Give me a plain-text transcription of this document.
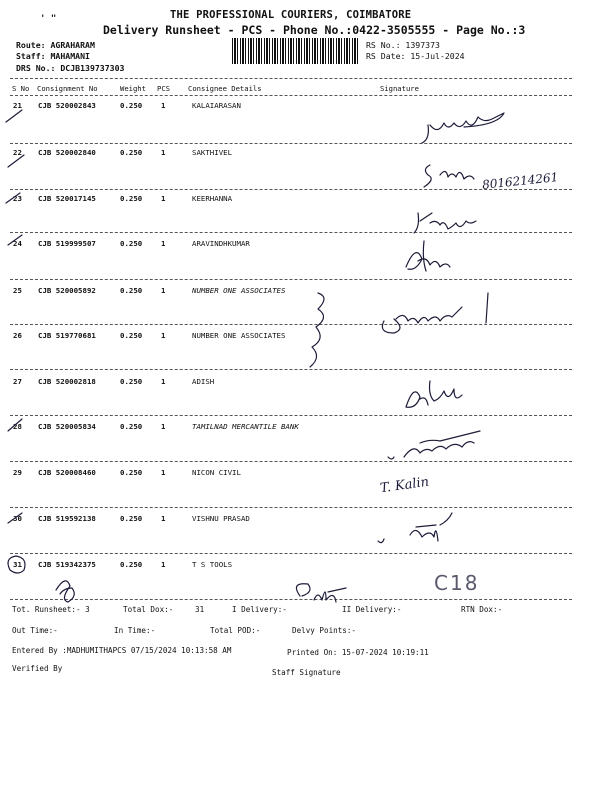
' "	THE PROFESSIONAL COURIERS, COIMBATORE
Delivery Runsheet - PCS - Phone No.:0422-3505555 - Page No.:3
Route: AGRAHARAM
Staff: MAHAMANI
DRS No.: DCJB139737303
RS No.: 1397373
RS Date: 15-Jul-2024
S No Consignment No	Weight PCS	Consignee Details	Signature
21 CJB 520002843	0.250	1	KALAIARASAN
22 CJB 520002840	0.250	1	SAKTHIVEL
23 CJB 520017145	0.250	1	KEERHANNA
24 CJB 519999507	0.250	1	ARAVINDHKUMAR
25 CJB 520005892	0.250	1	NUMBER ONE ASSOCIATES
26 CJB 519770681	0.250	1	NUMBER ONE ASSOCIATES
27 CJB 520002818	0.250	1	ADISH
28 CJB 520005834	0.250	1	TAMILNAD MERCANTILE BANK
29 CJB 520008460	0.250	1	NICON CIVIL
30 CJB 519592138	0.250	1	VISHNU PRASAD
31 CJB 519342375	0.250	1	T S TOOLS
8016214261
T. Kalin
C18
Tot. Runsheet:- 3	Total Dox:-	31	I Delivery:-	II Delivery:-	RTN Dox:-
Out Time:-	In Time:-	Total POD:-	Delvy Points:-
Entered By :MADHUMITHAPCS 07/15/2024 10:13:58 AM	Printed On: 15-07-2024 10:19:11
Verified By	Staff Signature
